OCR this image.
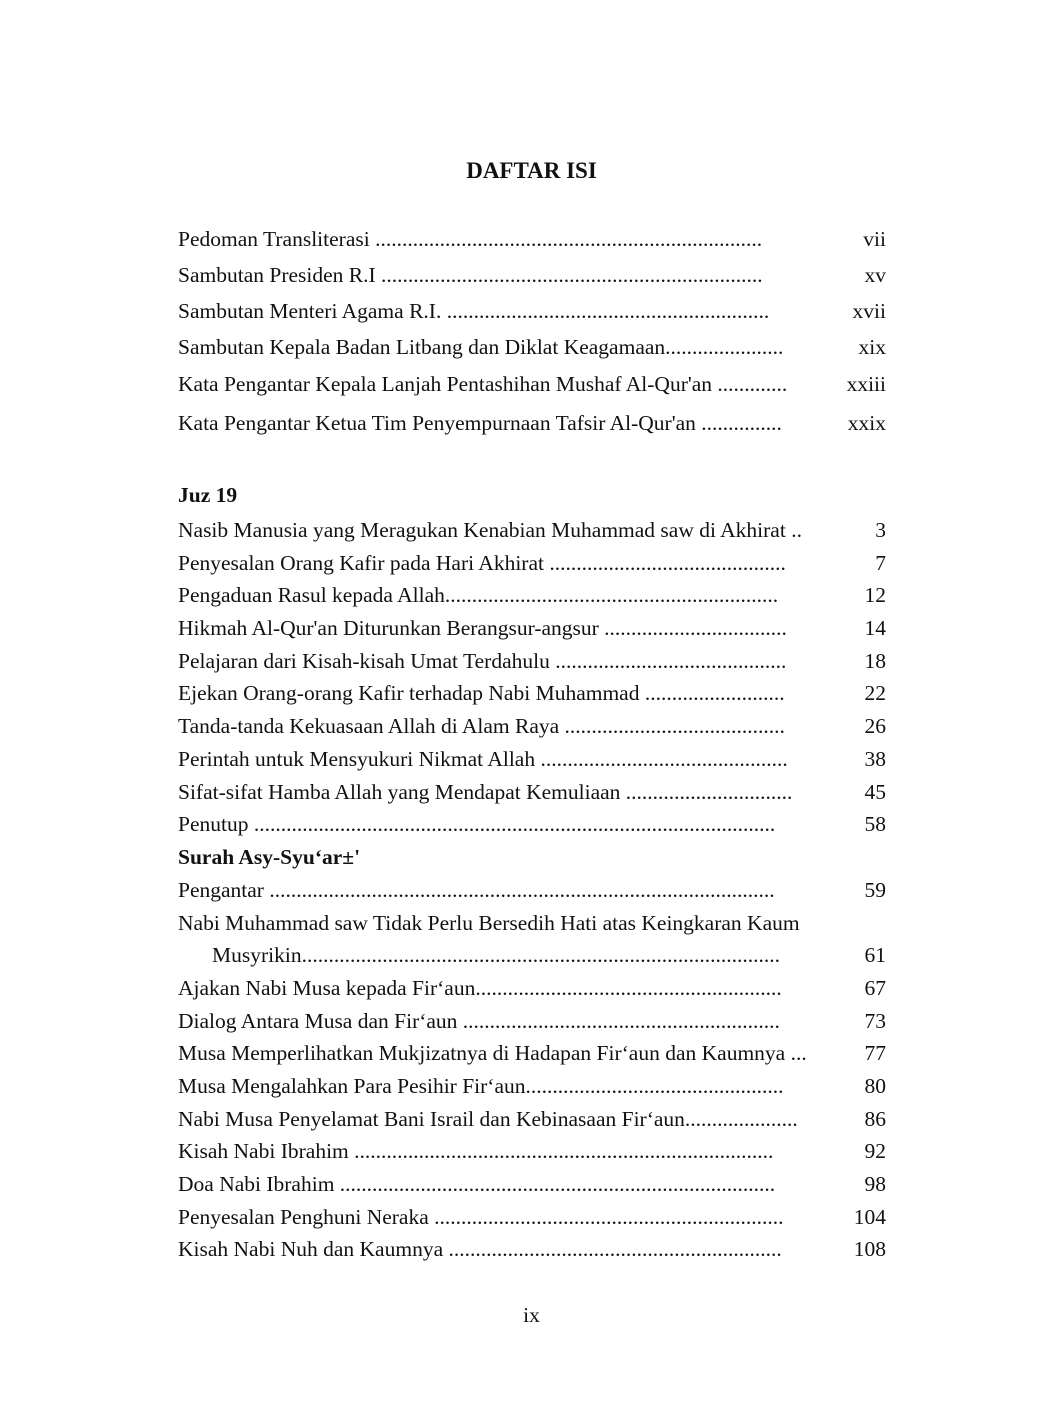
DAFTAR ISI
Pedoman Transliterasi ........................................................................	vii
Sambutan Presiden R.I .......................................................................	xv
Sambutan Menteri Agama R.I. ............................................................	xvii
Sambutan Kepala Badan Litbang dan Diklat Keagamaan......................	xix
Kata Pengantar Kepala Lanjah Pentashihan Mushaf Al-Qur'an .............	xxiii
Kata Pengantar Ketua Tim Penyempurnaan Tafsir Al-Qur'an ...............	xxix
Juz 19
Nasib Manusia yang Meragukan Kenabian Muhammad saw di Akhirat ..	3
Penyesalan Orang Kafir pada Hari Akhirat ............................................	7
Pengaduan Rasul kepada Allah..............................................................	12
Hikmah Al-Qur'an Diturunkan Berangsur-angsur ..................................	14
Pelajaran dari Kisah-kisah Umat Terdahulu ...........................................	18
Ejekan Orang-orang Kafir terhadap Nabi Muhammad ..........................	22
Tanda-tanda Kekuasaan Allah di Alam Raya .........................................	26
Perintah untuk Mensyukuri Nikmat Allah ..............................................	38
Sifat-sifat Hamba Allah yang Mendapat Kemuliaan ...............................	45
Penutup .................................................................................................	58
Surah Asy-Syu‘ar±'
Pengantar ..............................................................................................	59
Nabi Muhammad saw Tidak Perlu Bersedih Hati atas Keingkaran Kaum
Musyrikin.........................................................................................	61
Ajakan Nabi Musa kepada Fir‘aun.........................................................	67
Dialog Antara Musa dan Fir‘aun ...........................................................	73
Musa Memperlihatkan Mukjizatnya di Hadapan Fir‘aun dan Kaumnya ...	77
Musa Mengalahkan Para Pesihir Fir‘aun................................................	80
Nabi Musa Penyelamat Bani Israil dan Kebinasaan Fir‘aun.....................	86
Kisah Nabi Ibrahim ..............................................................................	92
Doa Nabi Ibrahim .................................................................................	98
Penyesalan Penghuni Neraka .................................................................	104
Kisah Nabi Nuh dan Kaumnya ..............................................................	108
ix
